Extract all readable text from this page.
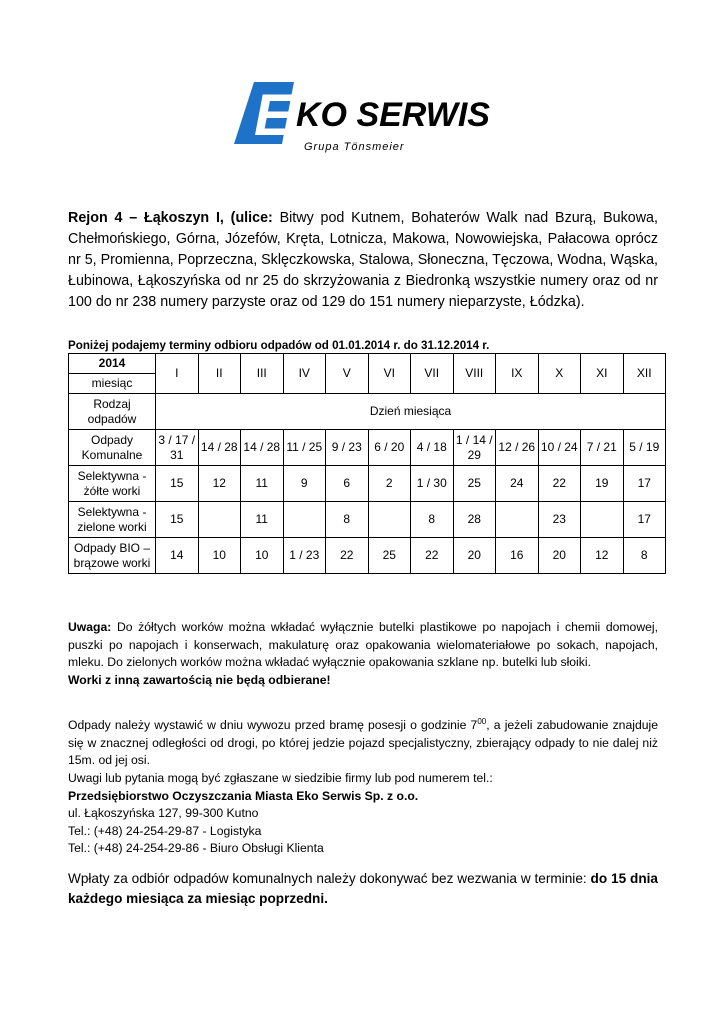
E KO SERWIS
Grupa Tönsmeier
Rejon 4 – Łąkoszyn I, (ulice: Bitwy pod Kutnem, Bohaterów Walk nad Bzurą, Bukowa, Chełmońskiego, Górna, Józefów, Kręta, Lotnicza, Makowa, Nowowiejska, Pałacowa oprócz nr 5, Promienna, Poprzeczna, Sklęczkowska, Stalowa, Słoneczna, Tęczowa, Wodna, Wąska, Łubinowa, Łąkoszyńska od nr 25 do skrzyżowania z Biedronką wszystkie numery oraz od nr 100 do nr 238 numery parzyste oraz od 129 do 151 numery nieparzyste, Łódzka).
Poniżej podajemy terminy odbioru odpadów od 01.01.2014 r. do 31.12.2014 r.
2014	I	II	III	IV	V	VI	VII	VIII	IX	X	XI	XII
miesiąc												
Rodzaj odpadów	Dzień miesiąca											
Odpady Komunalne	3 / 17 / 31	14 / 28	14 / 28	11 / 25	9 / 23	6 / 20	4 / 18	1 / 14 / 29	12 / 26	10 / 24	7 / 21	5 / 19
Selektywna - żółte worki	15	12	11	9	6	2	1 / 30	25	24	22	19	17
Selektywna - zielone worki	15		11		8		8	28		23		17
Odpady BIO – brązowe worki	14	10	10	1 / 23	22	25	22	20	16	20	12	8
Uwaga: Do żółtych worków można wkładać wyłącznie butelki plastikowe po napojach i chemii domowej, puszki po napojach i konserwach, makulaturę oraz opakowania wielomateriałowe po sokach, napojach, mleku. Do zielonych worków można wkładać wyłącznie opakowania szklane np. butelki lub słoiki.
Worki z inną zawartością nie będą odbierane!
Odpady należy wystawić w dniu wywozu przed bramę posesji o godzinie $7^{00}$, a jeżeli zabudowanie znajduje się w znacznej odległości od drogi, po której jedzie pojazd specjalistyczny, zbierający odpady to nie dalej niż 15m. od jej osi.
Uwagi lub pytania mogą być zgłaszane w siedzibie firmy lub pod numerem tel.:
Przedsiębiorstwo Oczyszczania Miasta Eko Serwis Sp. z o.o.
ul. Łąkoszyńska 127, 99-300 Kutno
Tel.: (+48) 24-254-29-87 - Logistyka
Tel.: (+48) 24-254-29-86 - Biuro Obsługi Klienta
Wpłaty za odbiór odpadów komunalnych należy dokonywać bez wezwania w terminie: do 15 dnia każdego miesiąca za miesiąc poprzedni.
